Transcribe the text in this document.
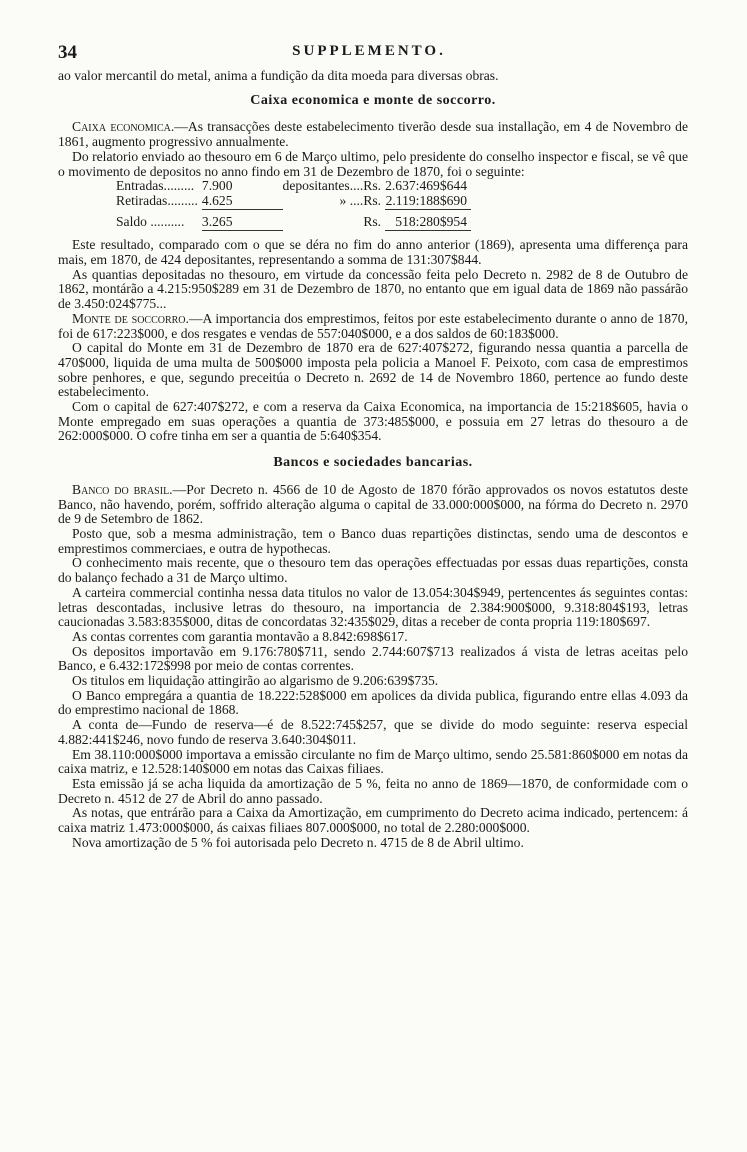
34	SUPPLEMENTO.

ao valor mercantil do metal, anima a fundição da dita moeda para diversas obras.

Caixa economica e monte de soccorro.

Caixa economica.—As transacções deste estabelecimento tiverão desde sua installação, em 4 de Novembro de 1861, augmento progressivo annualmente.

Do relatorio enviado ao thesouro em 6 de Março ultimo, pelo presidente do conselho inspector e fiscal, se vê que o movimento de depositos no anno findo em 31 de Dezembro de 1870, foi o seguinte:

Entradas.........	7.900	depositantes....Rs.	2.637:469$644
Retiradas.........	4.625	» ....Rs.	2.119:188$690

Saldo ..........	3.265	Rs.	518:280$954

Este resultado, comparado com o que se déra no fim do anno anterior (1869), apresenta uma differença para mais, em 1870, de 424 depositantes, representando a somma de 131:307$844.

As quantias depositadas no thesouro, em virtude da concessão feita pelo Decreto n. 2982 de 8 de Outubro de 1862, montárão a 4.215:950$289 em 31 de Dezembro de 1870, no entanto que em igual data de 1869 não passárão de 3.450:024$775...

Monte de soccorro.—A importancia dos emprestimos, feitos por este estabelecimento durante o anno de 1870, foi de 617:223$000, e dos resgates e vendas de 557:040$000, e a dos saldos de 60:183$000.

O capital do Monte em 31 de Dezembro de 1870 era de 627:407$272, figurando nessa quantia a parcella de 470$000, liquida de uma multa de 500$000 imposta pela policia a Manoel F. Peixoto, com casa de emprestimos sobre penhores, e que, segundo preceitúa o Decreto n. 2692 de 14 de Novembro 1860, pertence ao fundo deste estabelecimento.

Com o capital de 627:407$272, e com a reserva da Caixa Economica, na importancia de 15:218$605, havia o Monte empregado em suas operações a quantia de 373:485$000, e possuia em 27 letras do thesouro a de 262:000$000. O cofre tinha em ser a quantia de 5:640$354.

Bancos e sociedades bancarias.

Banco do brasil.—Por Decreto n. 4566 de 10 de Agosto de 1870 fórão approvados os novos estatutos deste Banco, não havendo, porém, soffrido alteração alguma o capital de 33.000:000$000, na fórma do Decreto n. 2970 de 9 de Setembro de 1862.

Posto que, sob a mesma administração, tem o Banco duas repartições distinctas, sendo uma de descontos e emprestimos commerciaes, e outra de hypothecas.

O conhecimento mais recente, que o thesouro tem das operações effectuadas por essas duas repartições, consta do balanço fechado a 31 de Março ultimo.

A carteira commercial continha nessa data titulos no valor de 13.054:304$949, pertencentes ás seguintes contas: letras descontadas, inclusive letras do thesouro, na importancia de 2.384:900$000, 9.318:804$193, letras caucionadas 3.583:835$000, ditas de concordatas 32:435$029, ditas a receber de conta propria 119:180$697.

As contas correntes com garantia montavão a 8.842:698$617.

Os depositos importavão em 9.176:780$711, sendo 2.744:607$713 realizados á vista de letras aceitas pelo Banco, e 6.432:172$998 por meio de contas correntes.

Os titulos em liquidação attingirão ao algarismo de 9.206:639$735.

O Banco empregára a quantia de 18.222:528$000 em apolices da divida publica, figurando entre ellas 4.093 da do emprestimo nacional de 1868.

A conta de—Fundo de reserva—é de 8.522:745$257, que se divide do modo seguinte: reserva especial 4.882:441$246, novo fundo de reserva 3.640:304$011.

Em 38.110:000$000 importava a emissão circulante no fim de Março ultimo, sendo 25.581:860$000 em notas da caixa matriz, e 12.528:140$000 em notas das Caixas filiaes.

Esta emissão já se acha liquida da amortização de 5 %, feita no anno de 1869—1870, de conformidade com o Decreto n. 4512 de 27 de Abril do anno passado.

As notas, que entrárão para a Caixa da Amortização, em cumprimento do Decreto acima indicado, pertencem: á caixa matriz 1.473:000$000, ás caixas filiaes 807.000$000, no total de 2.280:000$000.

Nova amortização de 5 % foi autorisada pelo Decreto n. 4715 de 8 de Abril ultimo.
